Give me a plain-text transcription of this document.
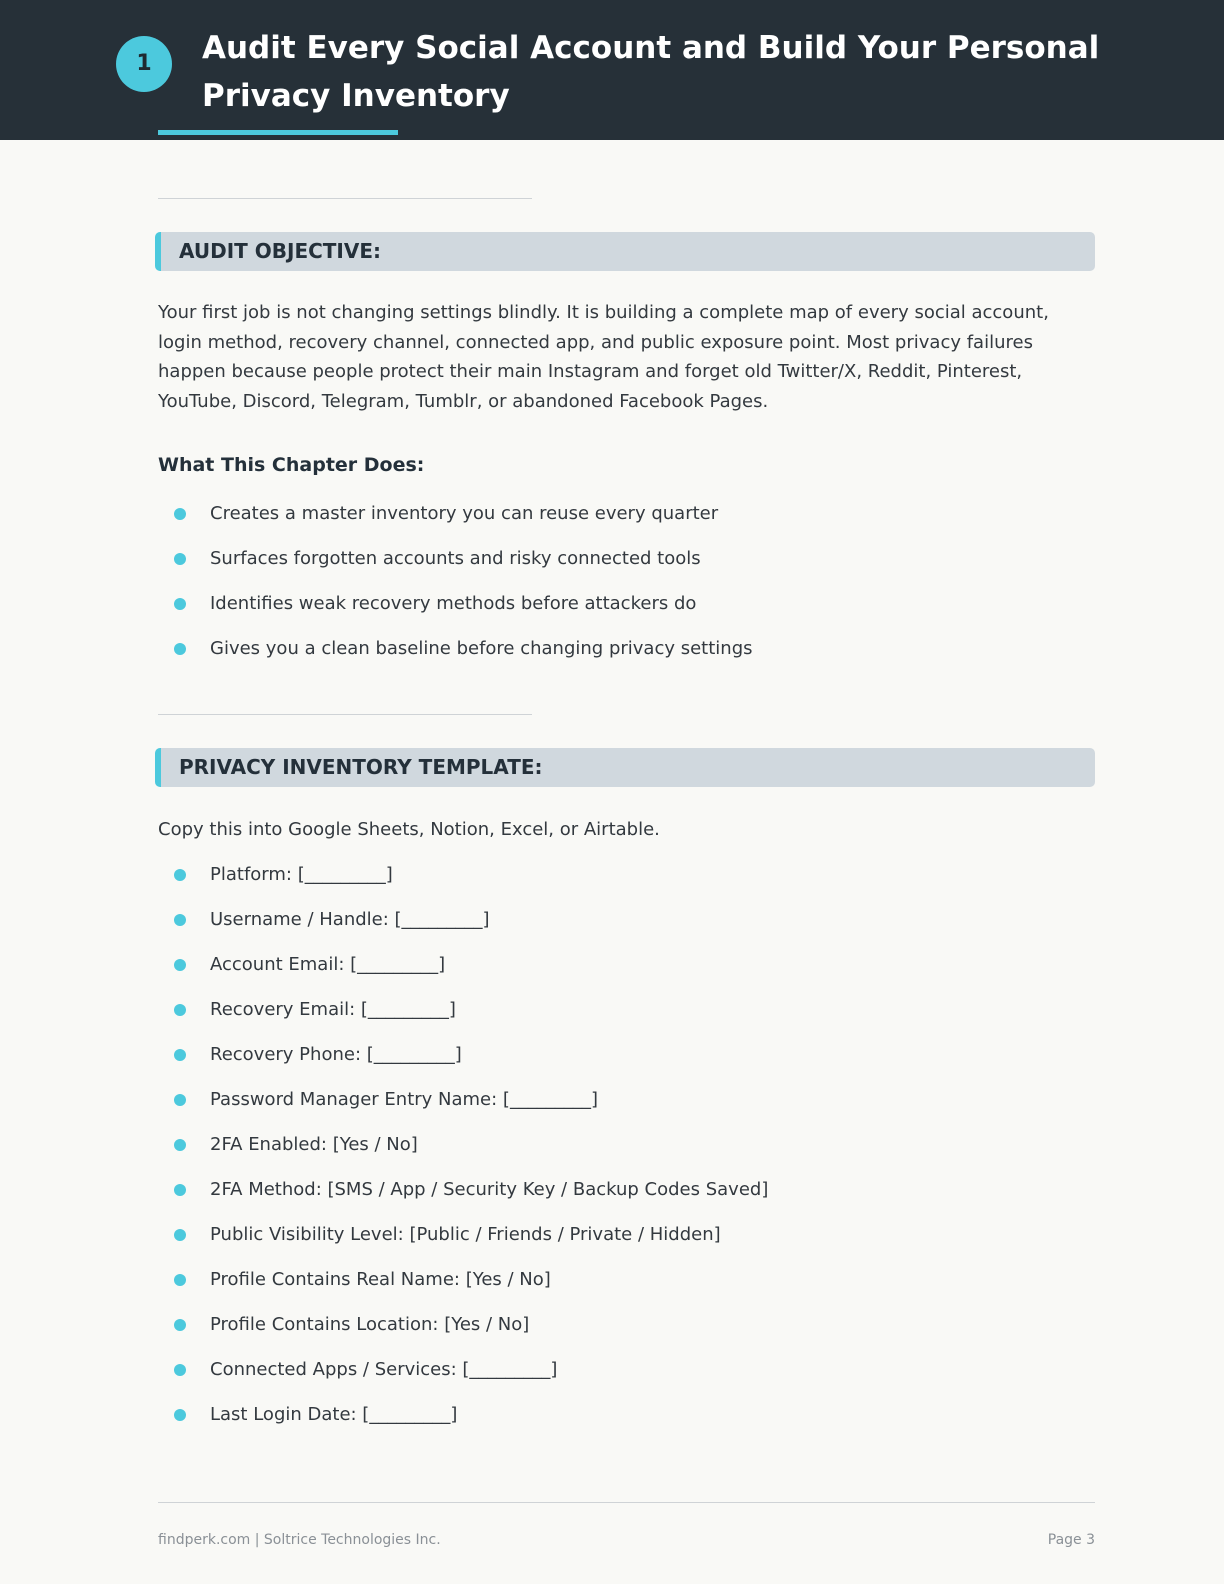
1	Audit Every Social Account and Build Your Personal Privacy Inventory
AUDIT OBJECTIVE:

Your first job is not changing settings blindly. It is building a complete map of every social account, login method, recovery channel, connected app, and public exposure point. Most privacy failures happen because people protect their main Instagram and forget old Twitter/X, Reddit, Pinterest, YouTube, Discord, Telegram, Tumblr, or abandoned Facebook Pages.

What This Chapter Does:
Creates a master inventory you can reuse every quarter
Surfaces forgotten accounts and risky connected tools
Identifies weak recovery methods before attackers do
Gives you a clean baseline before changing privacy settings
PRIVACY INVENTORY TEMPLATE:

Copy this into Google Sheets, Notion, Excel, or Airtable.

Platform: [_________]
Username / Handle: [_________]
Account Email: [_________]
Recovery Email: [_________]
Recovery Phone: [_________]
Password Manager Entry Name: [_________]
2FA Enabled: [Yes / No]
2FA Method: [SMS / App / Security Key / Backup Codes Saved]
Public Visibility Level: [Public / Friends / Private / Hidden]
Profile Contains Real Name: [Yes / No]
Profile Contains Location: [Yes / No]
Connected Apps / Services: [_________]
Last Login Date: [_________]
findperk.com | Soltrice Technologies Inc.	Page 3
